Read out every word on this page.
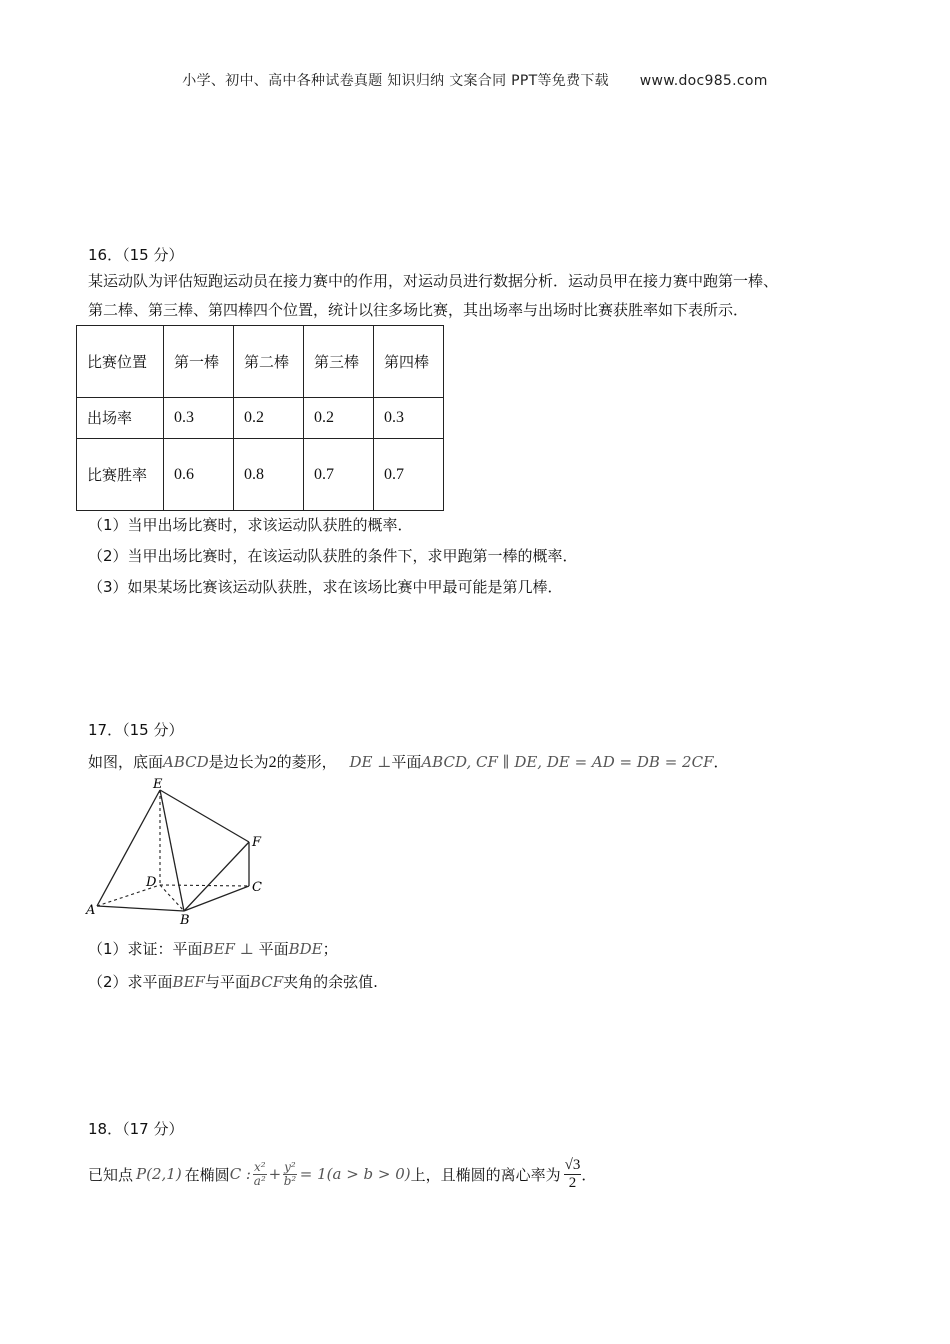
小学、初中、高中各种试卷真题 知识归纳 文案合同 PPT等免费下载 www.doc985.com
16．（15 分）
某运动队为评估短跑运动员在接力赛中的作用，对运动员进行数据分析．运动员甲在接力赛中跑第一棒、
第二棒、第三棒、第四棒四个位置，统计以往多场比赛，其出场率与出场时比赛获胜率如下表所示．
比赛位置	第一棒	第二棒	第三棒	第四棒
出场率	0.3	0.2	0.2	0.3
比赛胜率	0.6	0.8	0.7	0.7
（1）当甲出场比赛时，求该运动队获胜的概率．
（2）当甲出场比赛时，在该运动队获胜的条件下，求甲跑第一棒的概率．
（3）如果某场比赛该运动队获胜，求在该场比赛中甲最可能是第几棒．
17．（15 分）
如图，底面ABCD是边长为2的菱形， DE ⊥平面ABCD, CF ∥ DE, DE = AD = DB = 2CF．
E
F
D	C
A
B
（1）求证：平面BEF ⊥ 平面BDE；
（2）求平面BEF与平面BCF夹角的余弦值.
18．（17 分）
已知点 P(2,1) 在椭圆 C : $\frac{\text{x²}}{\text{a²}} + \frac{\text{y²}}{\text{b²}} = 1(a > b > 0)$ 上，且椭圆的离心率为
√3
2 ．
